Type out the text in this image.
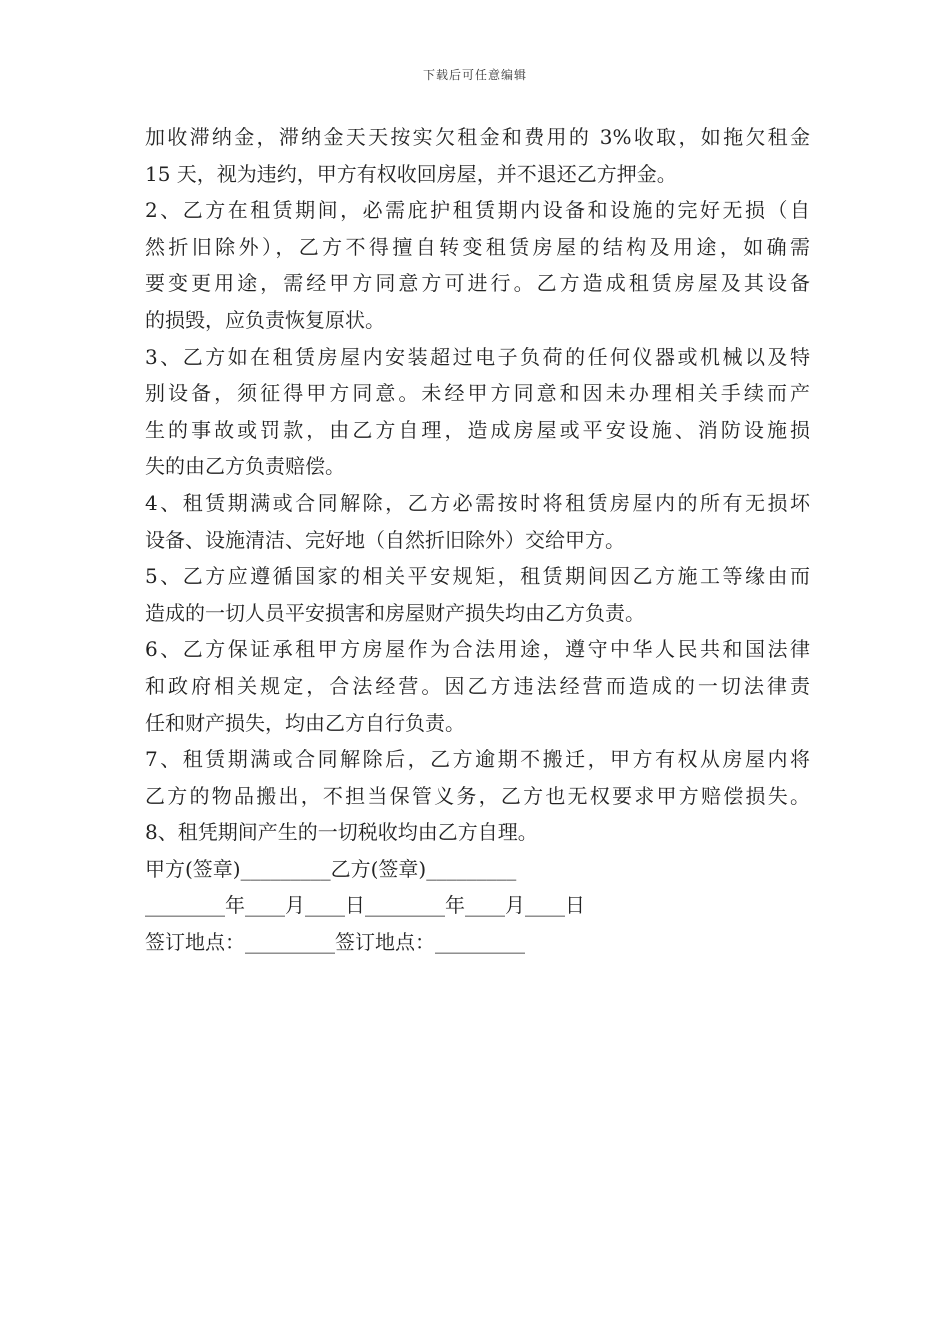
下载后可任意编辑
加收滞纳金，滞纳金天天按实欠租金和费用的 3%收取，如拖欠租金
15 天，视为违约，甲方有权收回房屋，并不退还乙方押金。
2、乙方在租赁期间，必需庇护租赁期内设备和设施的完好无损（自
然折旧除外），乙方不得擅自转变租赁房屋的结构及用途，如确需
要变更用途，需经甲方同意方可进行。乙方造成租赁房屋及其设备
的损毁，应负责恢复原状。
3、乙方如在租赁房屋内安装超过电子负荷的任何仪器或机械以及特
别设备，须征得甲方同意。未经甲方同意和因未办理相关手续而产
生的事故或罚款，由乙方自理，造成房屋或平安设施、消防设施损
失的由乙方负责赔偿。
4、租赁期满或合同解除，乙方必需按时将租赁房屋内的所有无损坏
设备、设施清洁、完好地（自然折旧除外）交给甲方。
5、乙方应遵循国家的相关平安规矩，租赁期间因乙方施工等缘由而
造成的一切人员平安损害和房屋财产损失均由乙方负责。
6、乙方保证承租甲方房屋作为合法用途，遵守中华人民共和国法律
和政府相关规定，合法经营。因乙方违法经营而造成的一切法律责
任和财产损失，均由乙方自行负责。
7、租赁期满或合同解除后，乙方逾期不搬迁，甲方有权从房屋内将
乙方的物品搬出，不担当保管义务，乙方也无权要求甲方赔偿损失。
8、租凭期间产生的一切税收均由乙方自理。
甲方(签章)_________乙方(签章)_________
________年____月____日________年____月____日
签订地点：_________签订地点：_________
